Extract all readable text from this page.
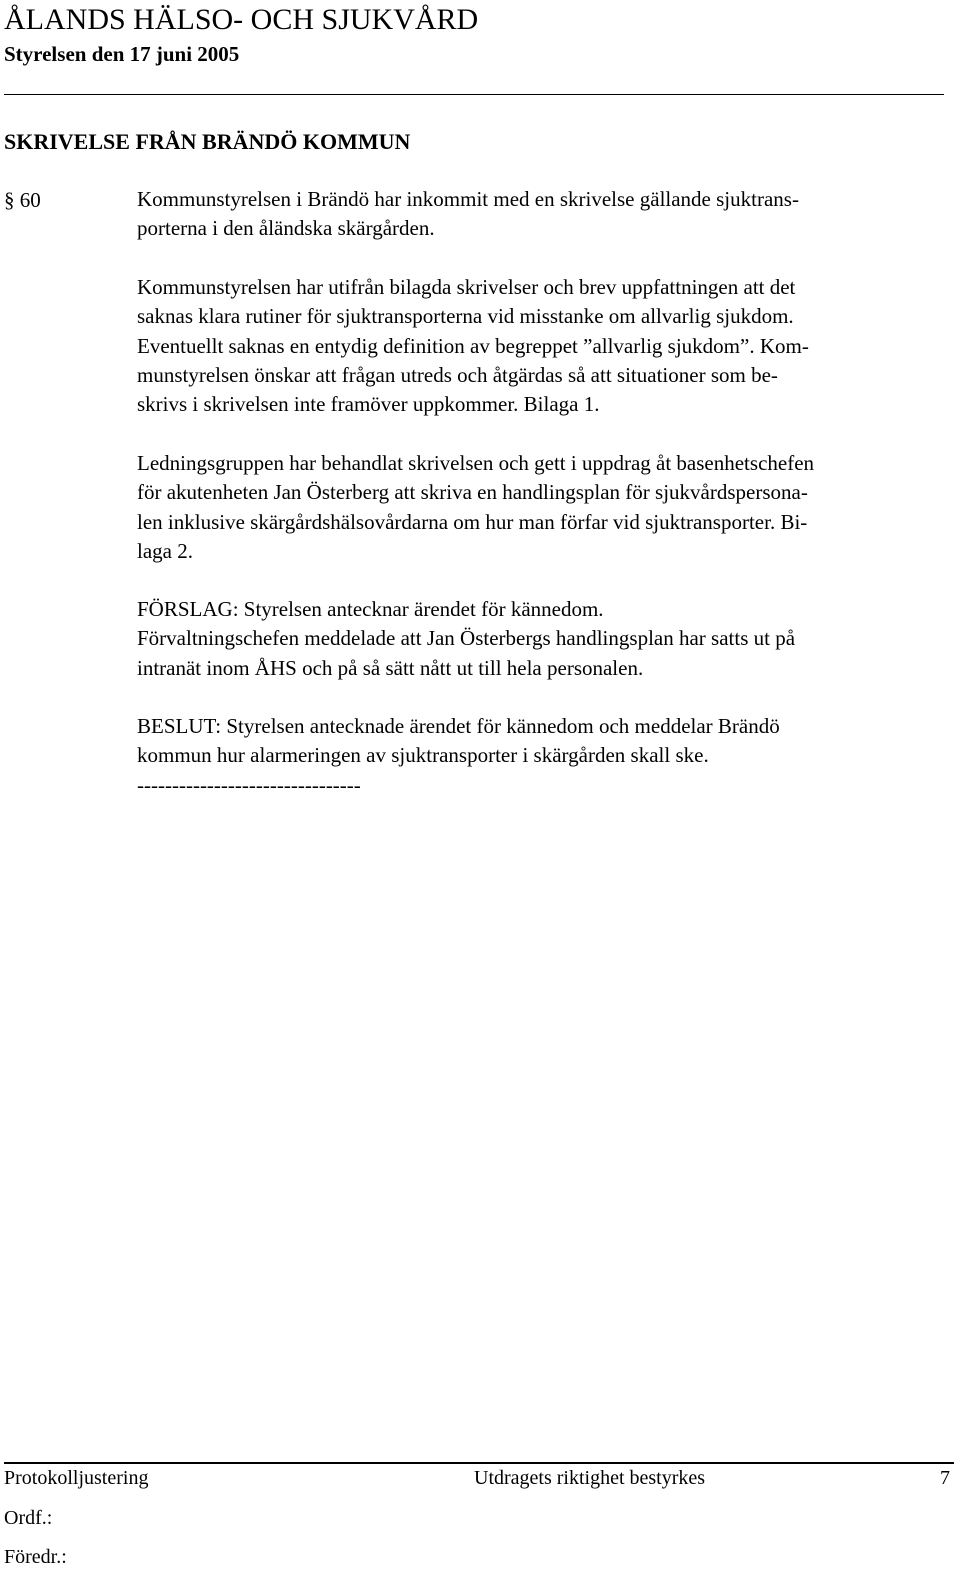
ÅLANDS HÄLSO- OCH SJUKVÅRD
Styrelsen den 17 juni 2005
SKRIVELSE FRÅN BRÄNDÖ KOMMUN
§ 60	Kommunstyrelsen i Brändö har inkommit med en skrivelse gällande sjuktrans-
porterna i den åländska skärgården.
Kommunstyrelsen har utifrån bilagda skrivelser och brev uppfattningen att det
saknas klara rutiner för sjuktransporterna vid misstanke om allvarlig sjukdom.
Eventuellt saknas en entydig definition av begreppet ”allvarlig sjukdom”. Kom-
munstyrelsen önskar att frågan utreds och åtgärdas så att situationer som be-
skrivs i skrivelsen inte framöver uppkommer. Bilaga 1.
Ledningsgruppen har behandlat skrivelsen och gett i uppdrag åt basenhetschefen
för akutenheten Jan Österberg att skriva en handlingsplan för sjukvårdspersona-
len inklusive skärgårdshälsovårdarna om hur man förfar vid sjuktransporter. Bi-
laga 2.
FÖRSLAG: Styrelsen antecknar ärendet för kännedom.
Förvaltningschefen meddelade att Jan Österbergs handlingsplan har satts ut på
intranät inom ÅHS och på så sätt nått ut till hela personalen.
BESLUT: Styrelsen antecknade ärendet för kännedom och meddelar Brändö
kommun hur alarmeringen av sjuktransporter i skärgården skall ske.
--------------------------------
Protokolljustering	Utdragets riktighet bestyrkes	7
Ordf.:
Föredr.:
